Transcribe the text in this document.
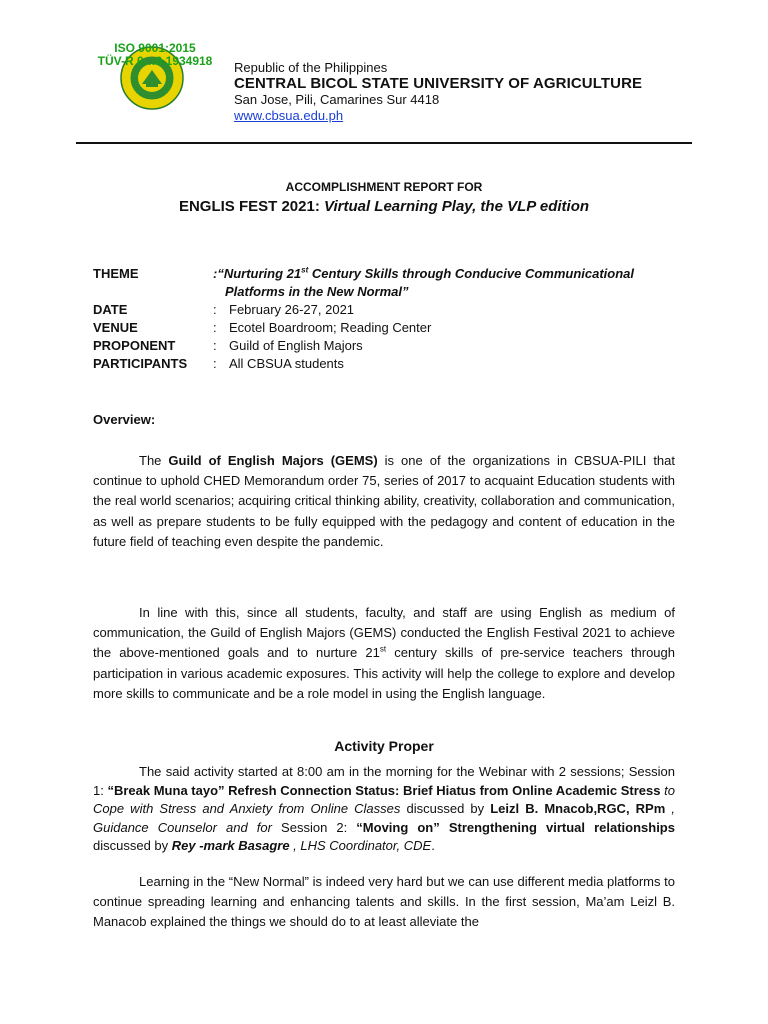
ISO 9001:2015
TÜV-R 0…0 1934918	Republic of the Philippines
CENTRAL BICOL STATE UNIVERSITY OF AGRICULTURE
San Jose, Pili, Camarines Sur 4418
www.cbsua.edu.ph
ACCOMPLISHMENT REPORT FOR
ENGLIS FEST 2021: Virtual Learning Play, the VLP edition
THEME	:“Nurturing 21st Century Skills through Conducive Communicational
Platforms in the New Normal”
DATE	: February 26-27, 2021
VENUE	: Ecotel Boardroom; Reading Center
PROPONENT	: Guild of English Majors
PARTICIPANTS	: All CBSUA students
Overview:
The Guild of English Majors (GEMS) is one of the organizations in CBSUA-PILI that continue to uphold CHED Memorandum order 75, series of 2017 to acquaint Education students with the real world scenarios; acquiring critical thinking ability, creativity, collaboration and communication, as well as prepare students to be fully equipped with the pedagogy and content of education in the future field of teaching even despite the pandemic.
In line with this, since all students, faculty, and staff are using English as medium of communication, the Guild of English Majors (GEMS) conducted the English Festival 2021 to achieve the above-mentioned goals and to nurture 21st century skills of pre-service teachers through participation in various academic exposures. This activity will help the college to explore and develop more skills to communicate and be a role model in using the English language.
Activity Proper
The said activity started at 8:00 am in the morning for the Webinar with 2 sessions; Session 1: “Break Muna tayo” Refresh Connection Status: Brief Hiatus from Online Academic Stress to Cope with Stress and Anxiety from Online Classes discussed by Leizl B. Mnacob,RGC, RPm , Guidance Counselor and for Session 2: “Moving on” Strengthening virtual relationships discussed by Rey -mark Basagre , LHS Coordinator, CDE.
Learning in the “New Normal” is indeed very hard but we can use different media platforms to continue spreading learning and enhancing talents and skills. In the first session, Ma’am Leizl B. Manacob explained the things we should do to at least alleviate the
